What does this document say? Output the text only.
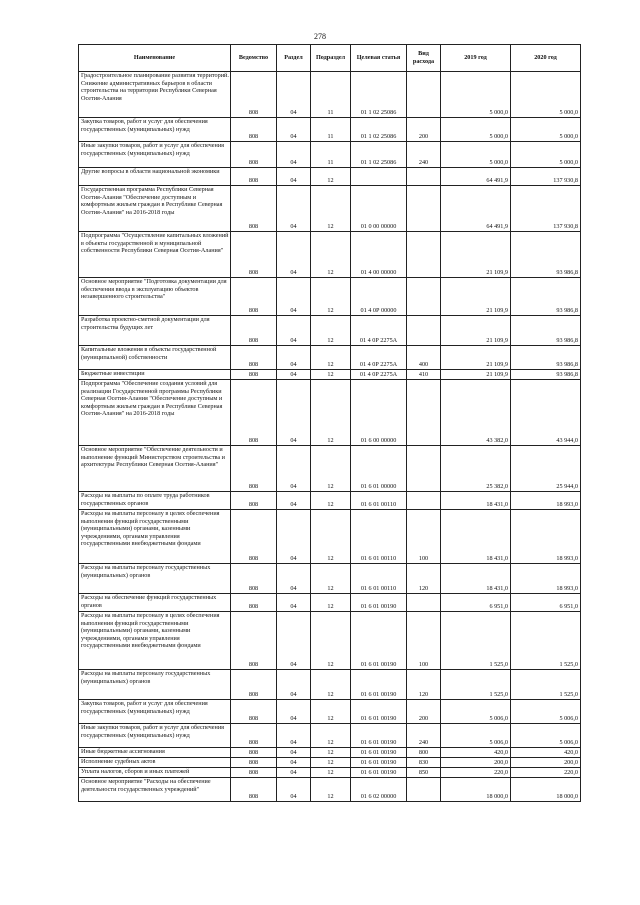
278
Наименование	Ведомство	Раздел	Подраздел	Целевая статья	Вид расхода	2019 год	2020 год
Градостроительное планирование развития территорий. Снижение административных барьеров в области строительства на территории Республики Северная Осетия-Алания	808	04	11	01 1 02 25086		5 000,0	5 000,0
Закупка товаров, работ и услуг для обеспечения государственных (муниципальных) нужд	808	04	11	01 1 02 25086	200	5 000,0	5 000,0
Иные закупки товаров, работ и услуг для обеспечения государственных (муниципальных) нужд	808	04	11	01 1 02 25086	240	5 000,0	5 000,0
Другие вопросы в области национальной экономики	808	04	12			64 491,9	137 930,8
Государственная программа Республики Северная Осетия-Алания "Обеспечение доступным и комфортным жильем граждан в Республике Северная Осетия-Алания" на 2016-2018 годы	808	04	12	01 0 00 00000		64 491,9	137 930,8
Подпрограмма "Осуществление капитальных вложений в объекты государственной и муниципальной собственности Республики Северная Осетия-Алания"	808	04	12	01 4 00 00000		21 109,9	93 986,8
Основное мероприятие "Подготовка документации для обеспечения ввода в эксплуатацию объектов незавершенного строительства"	808	04	12	01 4 0Р 00000		21 109,9	93 986,8
Разработка проектно-сметной документации для строительства будущих лет	808	04	12	01 4 0Р 2275А		21 109,9	93 986,8
Капитальные вложения в объекты государственной (муниципальной) собственности	808	04	12	01 4 0Р 2275А	400	21 109,9	93 986,8
Бюджетные инвестиции	808	04	12	01 4 0Р 2275А	410	21 109,9	93 986,8
Подпрограмма "Обеспечение создания условий для реализации Государственной программы Республики Северная Осетия-Алания "Обеспечение доступным и комфортным жильем граждан в Республике Северная Осетия-Алания" на 2016-2018 годы	808	04	12	01 6 00 00000		43 382,0	43 944,0
Основное мероприятие "Обеспечение деятельности и выполнение функций Министерством строительства и архитектуры Республики Северная Осетия-Алания"	808	04	12	01 6 01 00000		25 382,0	25 944,0
Расходы на выплаты по оплате труда работников государственных органов	808	04	12	01 6 01 00110		18 431,0	18 993,0
Расходы на выплаты персоналу в целях обеспечения выполнения функций государственными (муниципальными) органами, казенными учреждениями, органами управления государственными внебюджетными фондами	808	04	12	01 6 01 00110	100	18 431,0	18 993,0
Расходы на выплаты персоналу государственных (муниципальных) органов	808	04	12	01 6 01 00110	120	18 431,0	18 993,0
Расходы на обеспечение функций государственных органов	808	04	12	01 6 01 00190		6 951,0	6 951,0
Расходы на выплаты персоналу в целях обеспечения выполнения функций государственными (муниципальными) органами, казенными учреждениями, органами управления государственными внебюджетными фондами	808	04	12	01 6 01 00190	100	1 525,0	1 525,0
Расходы на выплаты персоналу государственных (муниципальных) органов	808	04	12	01 6 01 00190	120	1 525,0	1 525,0
Закупка товаров, работ и услуг для обеспечения государственных (муниципальных) нужд	808	04	12	01 6 01 00190	200	5 006,0	5 006,0
Иные закупки товаров, работ и услуг для обеспечения государственных (муниципальных) нужд	808	04	12	01 6 01 00190	240	5 006,0	5 006,0
Иные бюджетные ассигнования	808	04	12	01 6 01 00190	800	420,0	420,0
Исполнение судебных актов	808	04	12	01 6 01 00190	830	200,0	200,0
Уплата налогов, сборов и иных платежей	808	04	12	01 6 01 00190	850	220,0	220,0
Основное мероприятие "Расходы на обеспечение деятельности государственных учреждений"	808	04	12	01 6 02 00000		18 000,0	18 000,0
